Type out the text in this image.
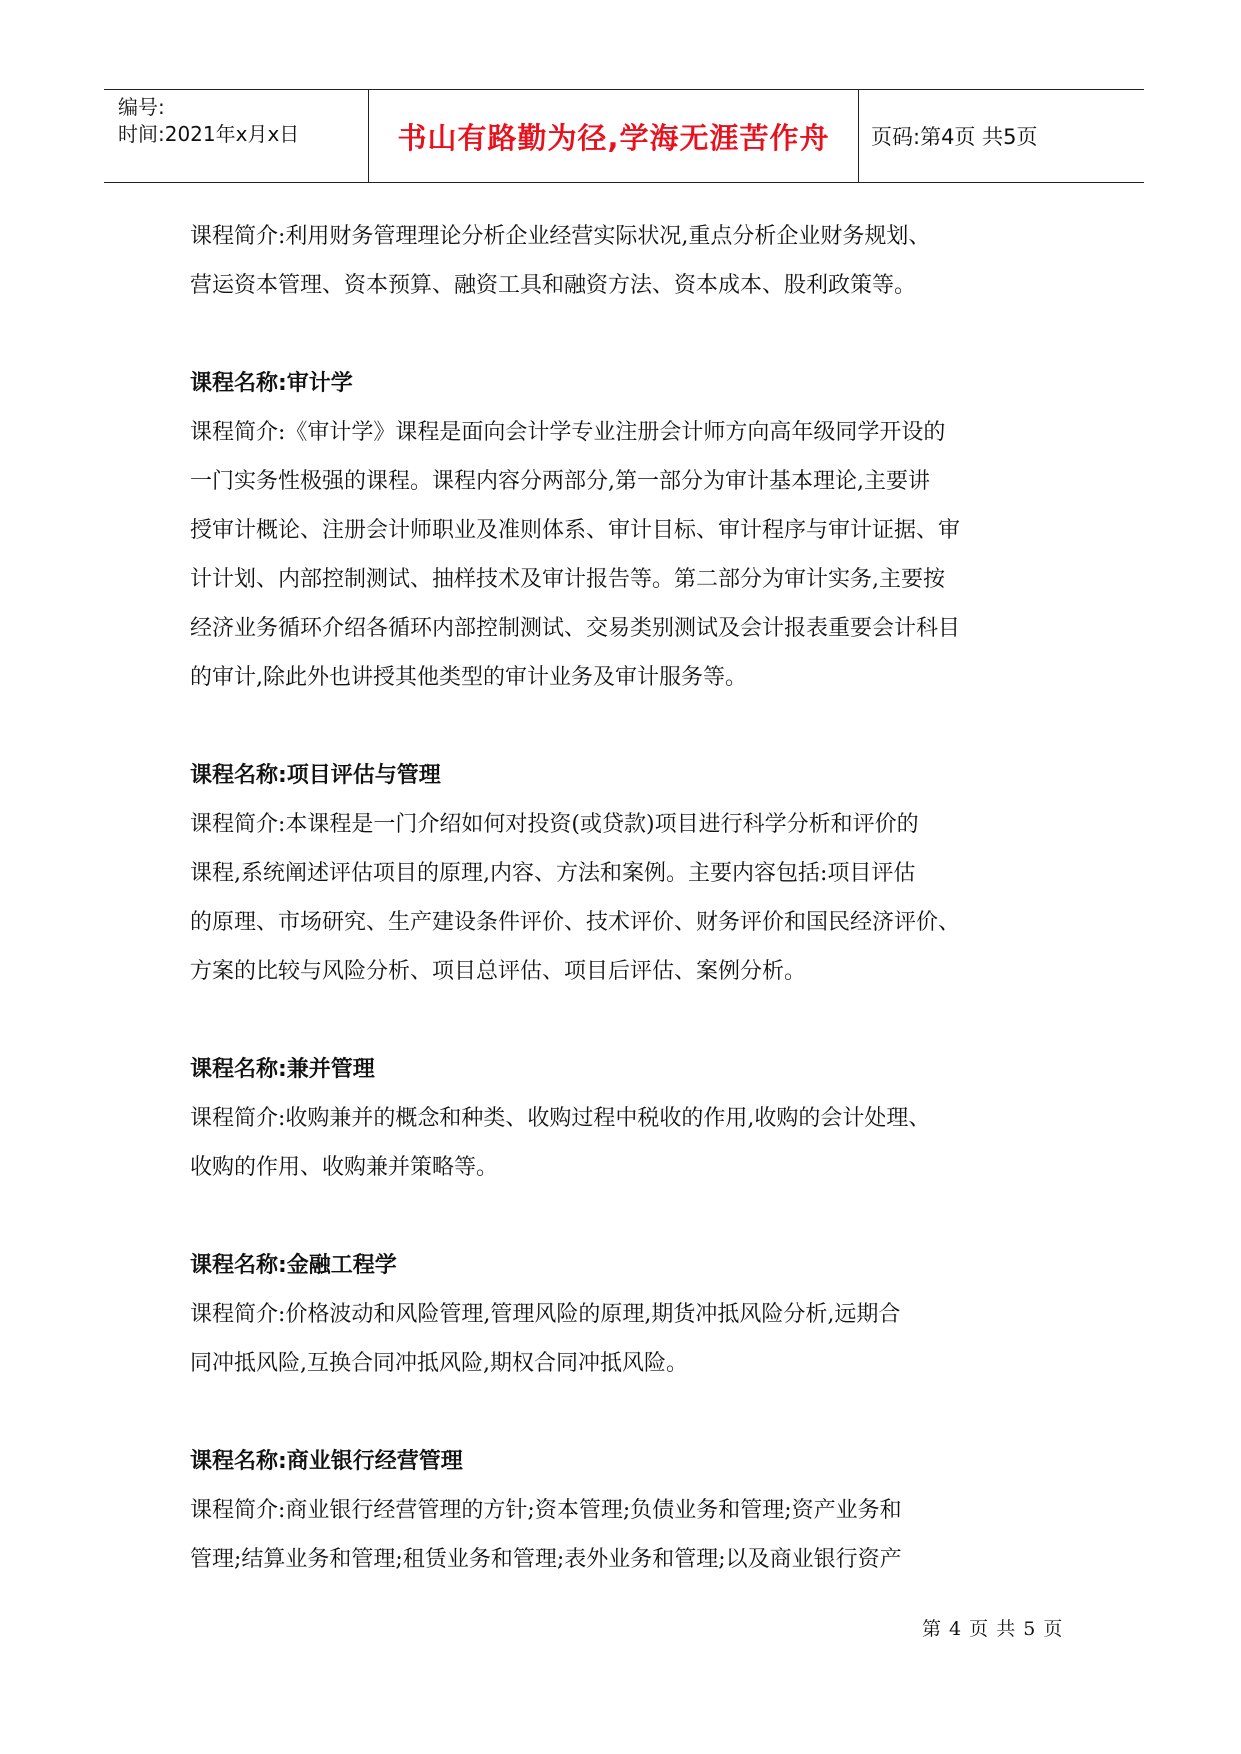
编号:
时间:2021年x月x日	书山有路勤为径,学海无涯苦作舟	页码:第4页 共5页

课程简介:利用财务管理理论分析企业经营实际状况,重点分析企业财务规划、

营运资本管理、资本预算、融资工具和融资方法、资本成本、股利政策等。

课程名称:审计学

课程简介:《审计学》课程是面向会计学专业注册会计师方向高年级同学开设的

一门实务性极强的课程。课程内容分两部分,第一部分为审计基本理论,主要讲

授审计概论、注册会计师职业及准则体系、审计目标、审计程序与审计证据、审

计计划、内部控制测试、抽样技术及审计报告等。第二部分为审计实务,主要按

经济业务循环介绍各循环内部控制测试、交易类别测试及会计报表重要会计科目

的审计,除此外也讲授其他类型的审计业务及审计服务等。

课程名称:项目评估与管理

课程简介:本课程是一门介绍如何对投资(或贷款)项目进行科学分析和评价的

课程,系统阐述评估项目的原理,内容、方法和案例。主要内容包括:项目评估

的原理、市场研究、生产建设条件评价、技术评价、财务评价和国民经济评价、

方案的比较与风险分析、项目总评估、项目后评估、案例分析。

课程名称:兼并管理

课程简介:收购兼并的概念和种类、收购过程中税收的作用,收购的会计处理、

收购的作用、收购兼并策略等。

课程名称:金融工程学

课程简介:价格波动和风险管理,管理风险的原理,期货冲抵风险分析,远期合

同冲抵风险,互换合同冲抵风险,期权合同冲抵风险。

课程名称:商业银行经营管理

课程简介:商业银行经营管理的方针;资本管理;负债业务和管理;资产业务和

管理;结算业务和管理;租赁业务和管理;表外业务和管理;以及商业银行资产

第 4 页 共 5 页
